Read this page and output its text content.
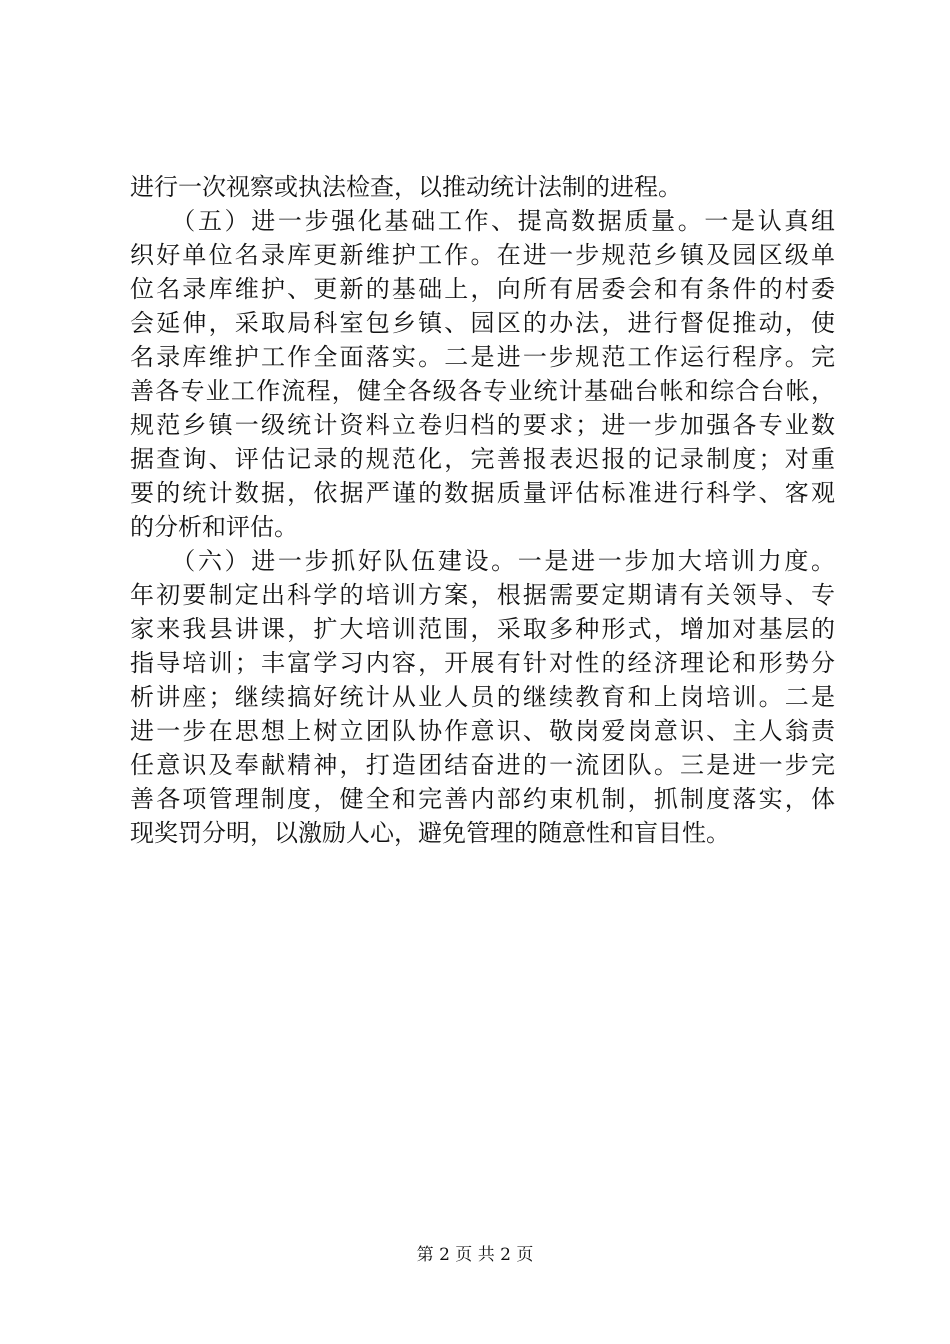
进行一次视察或执法检查，以推动统计法制的进程。
　　（五）进一步强化基础工作、提高数据质量。一是认真组
织好单位名录库更新维护工作。在进一步规范乡镇及园区级单
位名录库维护、更新的基础上，向所有居委会和有条件的村委
会延伸，采取局科室包乡镇、园区的办法，进行督促推动，使
名录库维护工作全面落实。二是进一步规范工作运行程序。完
善各专业工作流程，健全各级各专业统计基础台帐和综合台帐，
规范乡镇一级统计资料立卷归档的要求；进一步加强各专业数
据查询、评估记录的规范化，完善报表迟报的记录制度；对重
要的统计数据，依据严谨的数据质量评估标准进行科学、客观
的分析和评估。
　　（六）进一步抓好队伍建设。一是进一步加大培训力度。
年初要制定出科学的培训方案，根据需要定期请有关领导、专
家来我县讲课，扩大培训范围，采取多种形式，增加对基层的
指导培训；丰富学习内容，开展有针对性的经济理论和形势分
析讲座；继续搞好统计从业人员的继续教育和上岗培训。二是
进一步在思想上树立团队协作意识、敬岗爱岗意识、主人翁责
任意识及奉献精神，打造团结奋进的一流团队。三是进一步完
善各项管理制度，健全和完善内部约束机制，抓制度落实，体
现奖罚分明，以激励人心，避免管理的随意性和盲目性。
第 2 页 共 2 页
